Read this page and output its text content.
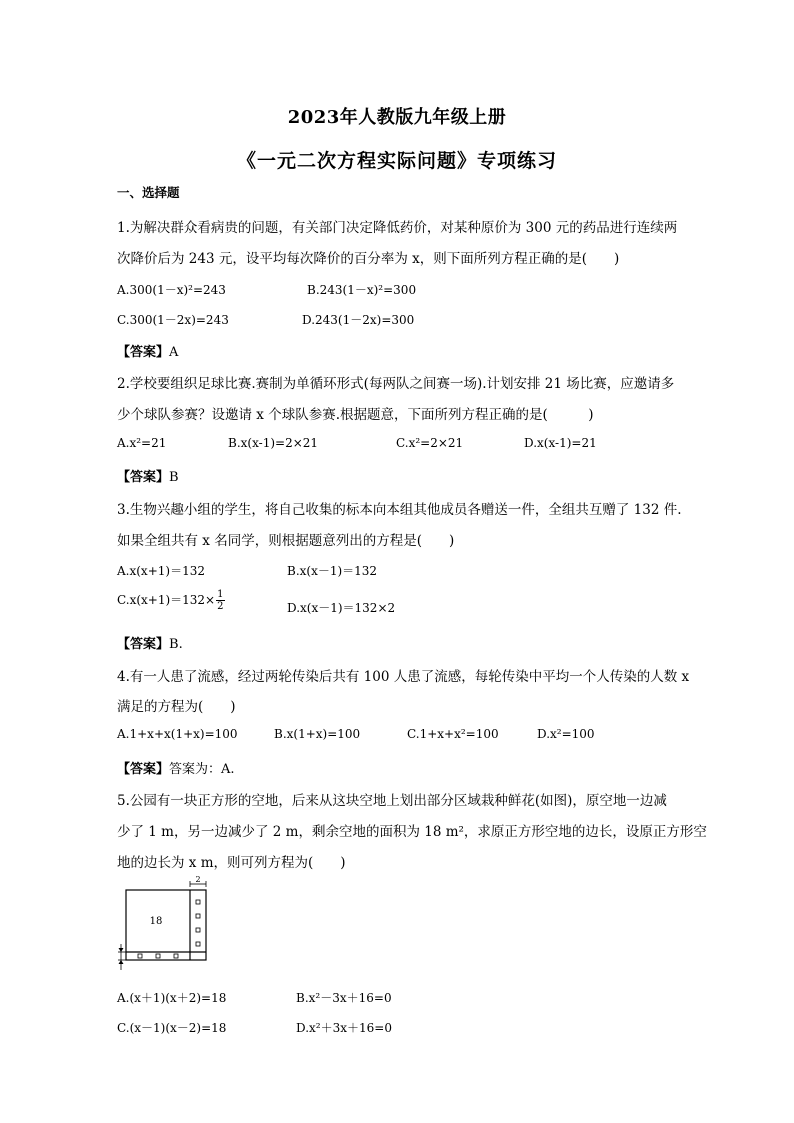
2023年人教版九年级上册
《一元二次方程实际问题》专项练习
一、选择题
1.为解决群众看病贵的问题，有关部门决定降低药价，对某种原价为 300 元的药品进行连续两
次降价后为 243 元，设平均每次降价的百分率为 x，则下面所列方程正确的是(　　)
A.300(1－x)²=243	B.243(1－x)²=300
C.300(1－2x)=243	D.243(1－2x)=300
【答案】A
2.学校要组织足球比赛.赛制为单循环形式(每两队之间赛一场).计划安排 21 场比赛，应邀请多
少个球队参赛？设邀请 x 个球队参赛.根据题意，下面所列方程正确的是(　　　)
A.x²=21	B.x(x-1)=2×21	C.x²=2×21	D.x(x-1)=21
【答案】B
3.生物兴趣小组的学生，将自己收集的标本向本组其他成员各赠送一件，全组共互赠了 132 件.
如果全组共有 x 名同学，则根据题意列出的方程是(　　)
A.x(x+1)＝132	B.x(x－1)＝132
$C.x(x+1)=132\times \frac{1}{2}$	D.x(x－1)＝132×2
【答案】B.
4.有一人患了流感，经过两轮传染后共有 100 人患了流感，每轮传染中平均一个人传染的人数 x
满足的方程为(　　)
A.1+x+x(1+x)=100	B.x(1+x)=100	C.1+x+x²=100	D.x²=100
【答案】答案为：A.
5.公园有一块正方形的空地，后来从这块空地上划出部分区域栽种鲜花(如图)，原空地一边减
少了 1 m，另一边减少了 2 m，剩余空地的面积为 18 m²，求原正方形空地的边长，设原正方形空
地的边长为 x m，则可列方程为(　　)
18
2
A.(x＋1)(x＋2)=18	B.x²－3x＋16=0
C.(x－1)(x－2)=18	D.x²＋3x＋16=0
